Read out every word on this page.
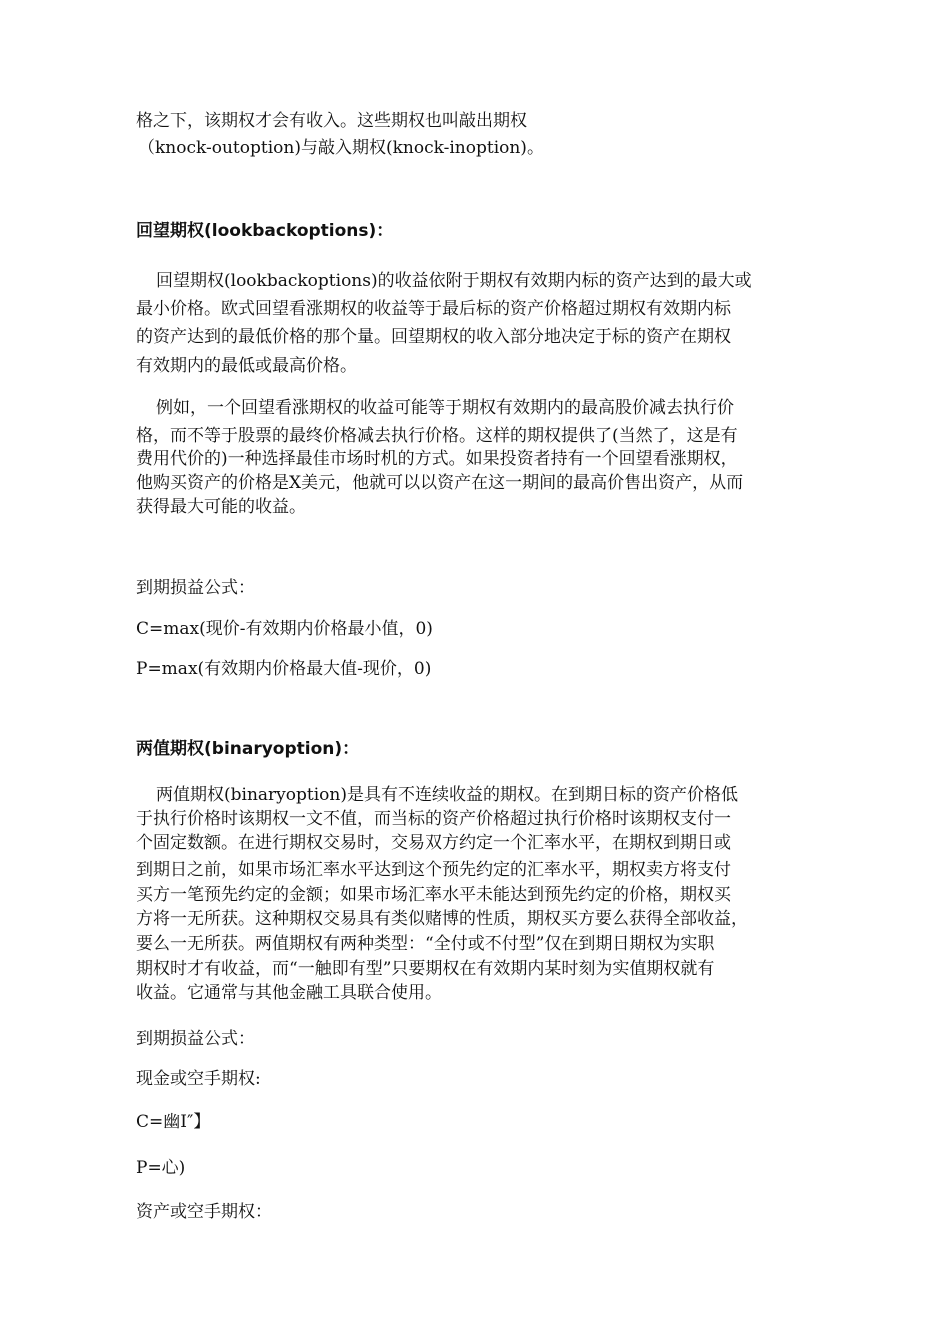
格之下，该期权才会有收入。这些期权也叫敲出期权
（knock-outoption)与敲入期权(knock-inoption)。
回望期权(lookbackoptions)：
回望期权(lookbackoptions)的收益依附于期权有效期内标的资产达到的最大或
最小价格。欧式回望看涨期权的收益等于最后标的资产价格超过期权有效期内标
的资产达到的最低价格的那个量。回望期权的收入部分地决定于标的资产在期权
有效期内的最低或最高价格。
例如，一个回望看涨期权的收益可能等于期权有效期内的最高股价减去执行价
格，而不等于股票的最终价格减去执行价格。这样的期权提供了(当然了，这是有
费用代价的)一种选择最佳市场时机的方式。如果投资者持有一个回望看涨期权，
他购买资产的价格是X美元，他就可以以资产在这一期间的最高价售出资产，从而
获得最大可能的收益。
到期损益公式：
C=max(现价-有效期内价格最小值，0)
P=max(有效期内价格最大值-现价，0)
两值期权(binaryoption)：
两值期权(binaryoption)是具有不连续收益的期权。在到期日标的资产价格低
于执行价格时该期权一文不值，而当标的资产价格超过执行价格时该期权支付一
个固定数额。在进行期权交易时，交易双方约定一个汇率水平，在期权到期日或
到期日之前，如果市场汇率水平达到这个预先约定的汇率水平，期权卖方将支付
买方一笔预先约定的金额；如果市场汇率水平未能达到预先约定的价格，期权买
方将一无所获。这种期权交易具有类似赌博的性质，期权买方要么获得全部收益，
要么一无所获。两值期权有两种类型：“全付或不付型”仅在到期日期权为实职
期权时才有收益，而“一触即有型”只要期权在有效期内某时刻为实值期权就有
收益。它通常与其他金融工具联合使用。
到期损益公式：
现金或空手期权:
C=幽I″】
P=心)
资产或空手期权：
